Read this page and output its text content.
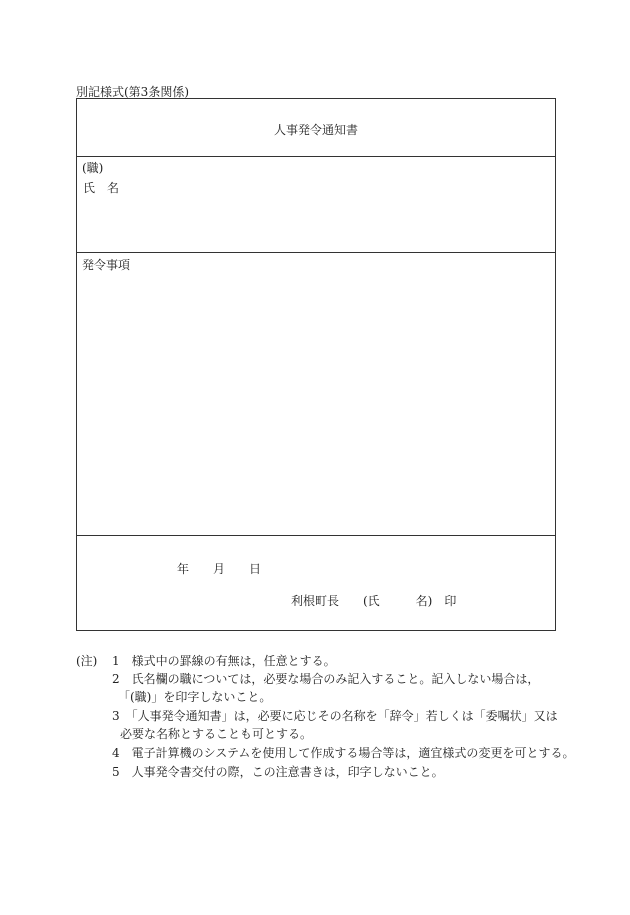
別記様式(第3条関係)
人事発令通知書
(職)
氏　名
発令事項
年　　月　　日
利根町長　　(氏　　　名)　印
(注) 1　様式中の罫線の有無は，任意とする。
2　氏名欄の職については，必要な場合のみ記入すること。記入しない場合は，
「(職)」を印字しないこと。
3　「人事発令通知書」は，必要に応じその名称を「辞令」若しくは「委嘱状」又は
必要な名称とすることも可とする。
4　電子計算機のシステムを使用して作成する場合等は，適宜様式の変更を可とする。
5　人事発令書交付の際，この注意書きは，印字しないこと。
